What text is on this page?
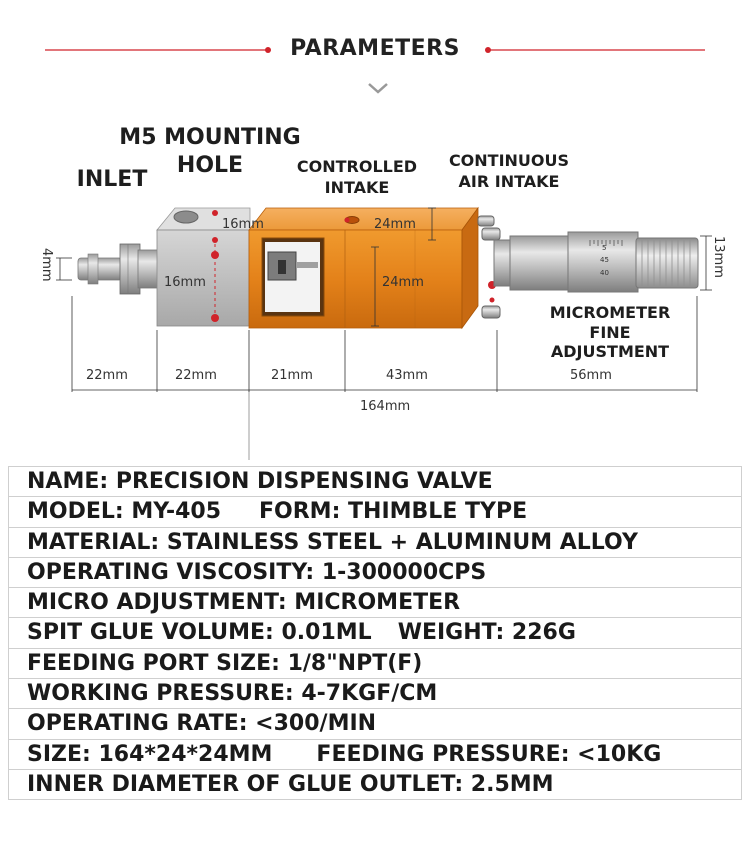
PARAMETERS
5
45
40
M5 MOUNTING
HOLE
INLET
CONTROLLED
INTAKE
CONTINUOUS
AIR INTAKE
MICROMETER
FINE
ADJUSTMENT
4mm
16mm
16mm
24mm
24mm
13mm
22mm	22mm	21mm	43mm	56mm
164mm
NAME: PRECISION DISPENSING VALVE
MODEL: MY-405 FORM: THIMBLE TYPE
MATERIAL: STAINLESS STEEL + ALUMINUM ALLOY
OPERATING VISCOSITY: 1-300000CPS
MICRO ADJUSTMENT: MICROMETER
SPIT GLUE VOLUME: 0.01ML WEIGHT: 226G
FEEDING PORT SIZE: 1/8"NPT(F)
WORKING PRESSURE: 4-7KGF/CM
OPERATING RATE: <300/MIN
SIZE: 164*24*24MM FEEDING PRESSURE: <10KG
INNER DIAMETER OF GLUE OUTLET: 2.5MM
